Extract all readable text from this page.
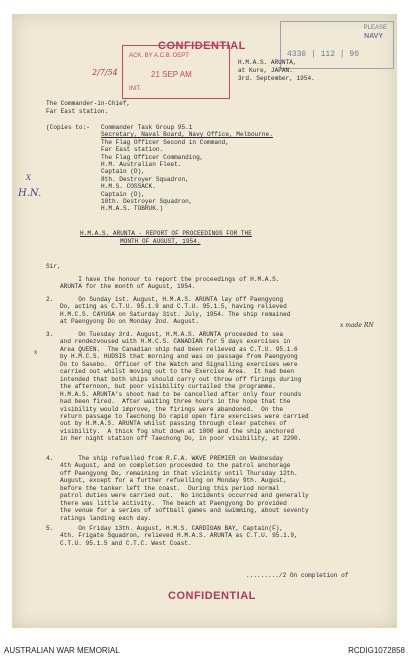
CONFIDENTIAL
CONFIDENTIAL
ACK. BY A.C.B. DEPT
21 SEP AM
INIT.
PLEASE
NAVY
4336 | 112 | 90
2/7/54
H.N.
X
x made RN
x
H.M.A.S. ARUNTA,
at Kure, JAPAN.
3rd. September, 1954.
The Commander-in-Chief,
Far East station.
(Copies to:- Commander Task Group 95.1
Secretary, Naval Board, Navy Office, Melbourne.
The Flag Officer Second in Command,
Far East station.
The Flag Officer Commanding,
H.M. Australian Fleet.
Captain (D),
8th. Destroyer Squadron,
H.M.S. COSSACK.
Captain (D),
10th. Destroyer Squadron,
H.M.A.S. TOBRUK.)
H.M.A.S. ARUNTA - REPORT OF PROCEEDINGS FOR THE
MONTH OF AUGUST, 1954.
Sir,
I have the honour to report the proceedings of H.M.A.S.
ARUNTA for the month of August, 1954.
2. On Sunday 1st. August, H.M.A.S. ARUNTA lay off Paengyong
Do, acting as C.T.U. 95.1.9 and C.T.U. 95.1.5, having relieved
H.M.C.S. CAYUGA on Saturday 31st. July, 1954. The ship remained
at Paengyong Do on Monday 2nd. August.
3. On Tuesday 3rd. August, H.M.A.S. ARUNTA proceeded to sea
and rendezvoused with H.M.C.S. CANADIAN for 5 days exercises in
Area QUEEN.  The Canadian ship had been relieved as C.T.U. 95.1.6
by H.M.C.S. HUDSIS that morning and was on passage from Paengyong
Do to Sasebo.  Officer of the Watch and Signalling exercises were
carried out whilst moving out to the Exercise Area.  It had been
intended that both ships should carry out throw off firings during
the afternoon, but poor visibility curtailed the programme.
H.M.A.S. ARUNTA's shoot had to be cancelled after only four rounds
had been fired.  After waiting three hours in the hope that the
visibility would improve, the firings were abandoned.  On the
return passage to Taechong Do rapid open fire exercises were carried
out by H.M.A.S. ARUNTA whilst passing through clear patches of
visibility.  A thick fog shut down at 1800 and the ship anchored
in her night station off Taechong Do, in poor visibility, at 2200.
4. The ship refuelled from R.F.A. WAVE PREMIER on Wednesday
4th August, and on completion proceeded to the patrol anchorage
off Paengyong Do, remaining in that vicinity until Thursday 12th.
August, except for a further refuelling on Monday 9th. August,
before the tanker left the coast.  During this period normal
patrol duties were carried out.  No incidents occurred and generally
there was little activity.  The beach at Paengyong Do provided
the venue for a series of softball games and swimming, about seventy
ratings landing each day.
5. On Friday 13th. August, H.M.S. CARDIGAN BAY, Captain(F),
4th. Frigate Squadron, relieved H.M.A.S. ARUNTA as C.T.U. 95.1.9,
C.T.U. 95.1.5 and C.T.C. West Coast.
........./2 On completion of
AUSTRALIAN WAR MEMORIAL	RCDIG1072858
